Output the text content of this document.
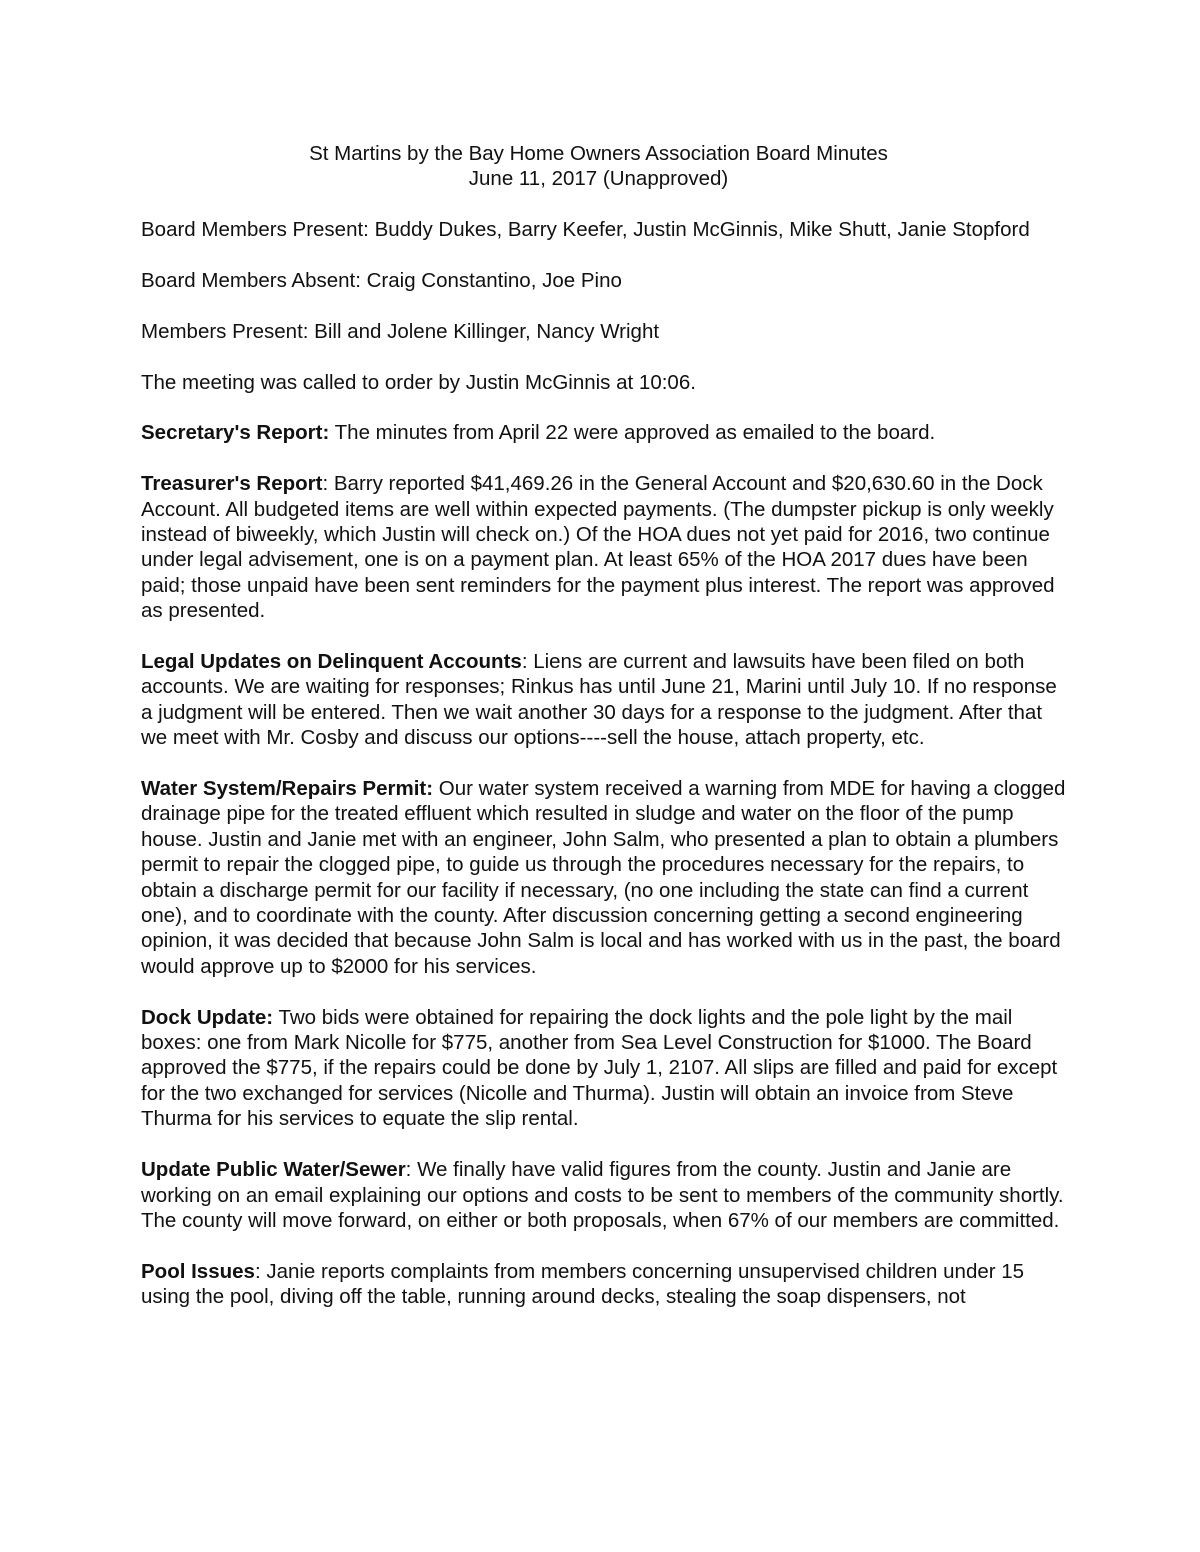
St Martins by the Bay Home Owners Association Board Minutes
June 11, 2017 (Unapproved)

Board Members Present: Buddy Dukes, Barry Keefer, Justin McGinnis, Mike Shutt, Janie Stopford

Board Members Absent: Craig Constantino, Joe Pino

Members Present: Bill and Jolene Killinger, Nancy Wright

The meeting was called to order by Justin McGinnis at 10:06.

Secretary's Report: The minutes from April 22 were approved as emailed to the board.

Treasurer's Report: Barry reported $41,469.26 in the General Account and $20,630.60 in the Dock Account. All budgeted items are well within expected payments. (The dumpster pickup is only weekly instead of biweekly, which Justin will check on.) Of the HOA dues not yet paid for 2016, two continue under legal advisement, one is on a payment plan. At least 65% of the HOA 2017 dues have been paid; those unpaid have been sent reminders for the payment plus interest. The report was approved as presented.

Legal Updates on Delinquent Accounts: Liens are current and lawsuits have been filed on both accounts. We are waiting for responses; Rinkus has until June 21, Marini until July 10. If no response a judgment will be entered. Then we wait another 30 days for a response to the judgment. After that we meet with Mr. Cosby and discuss our options----sell the house, attach property, etc.

Water System/Repairs Permit: Our water system received a warning from MDE for having a clogged drainage pipe for the treated effluent which resulted in sludge and water on the floor of the pump house. Justin and Janie met with an engineer, John Salm, who presented a plan to obtain a plumbers permit to repair the clogged pipe, to guide us through the procedures necessary for the repairs, to obtain a discharge permit for our facility if necessary, (no one including the state can find a current one), and to coordinate with the county. After discussion concerning getting a second engineering opinion, it was decided that because John Salm is local and has worked with us in the past, the board would approve up to $2000 for his services.

Dock Update: Two bids were obtained for repairing the dock lights and the pole light by the mail boxes: one from Mark Nicolle for $775, another from Sea Level Construction for $1000. The Board approved the $775, if the repairs could be done by July 1, 2107. All slips are filled and paid for except for the two exchanged for services (Nicolle and Thurma). Justin will obtain an invoice from Steve Thurma for his services to equate the slip rental.

Update Public Water/Sewer: We finally have valid figures from the county. Justin and Janie are working on an email explaining our options and costs to be sent to members of the community shortly. The county will move forward, on either or both proposals, when 67% of our members are committed.

Pool Issues: Janie reports complaints from members concerning unsupervised children under 15 using the pool, diving off the table, running around decks, stealing the soap dispensers, not
